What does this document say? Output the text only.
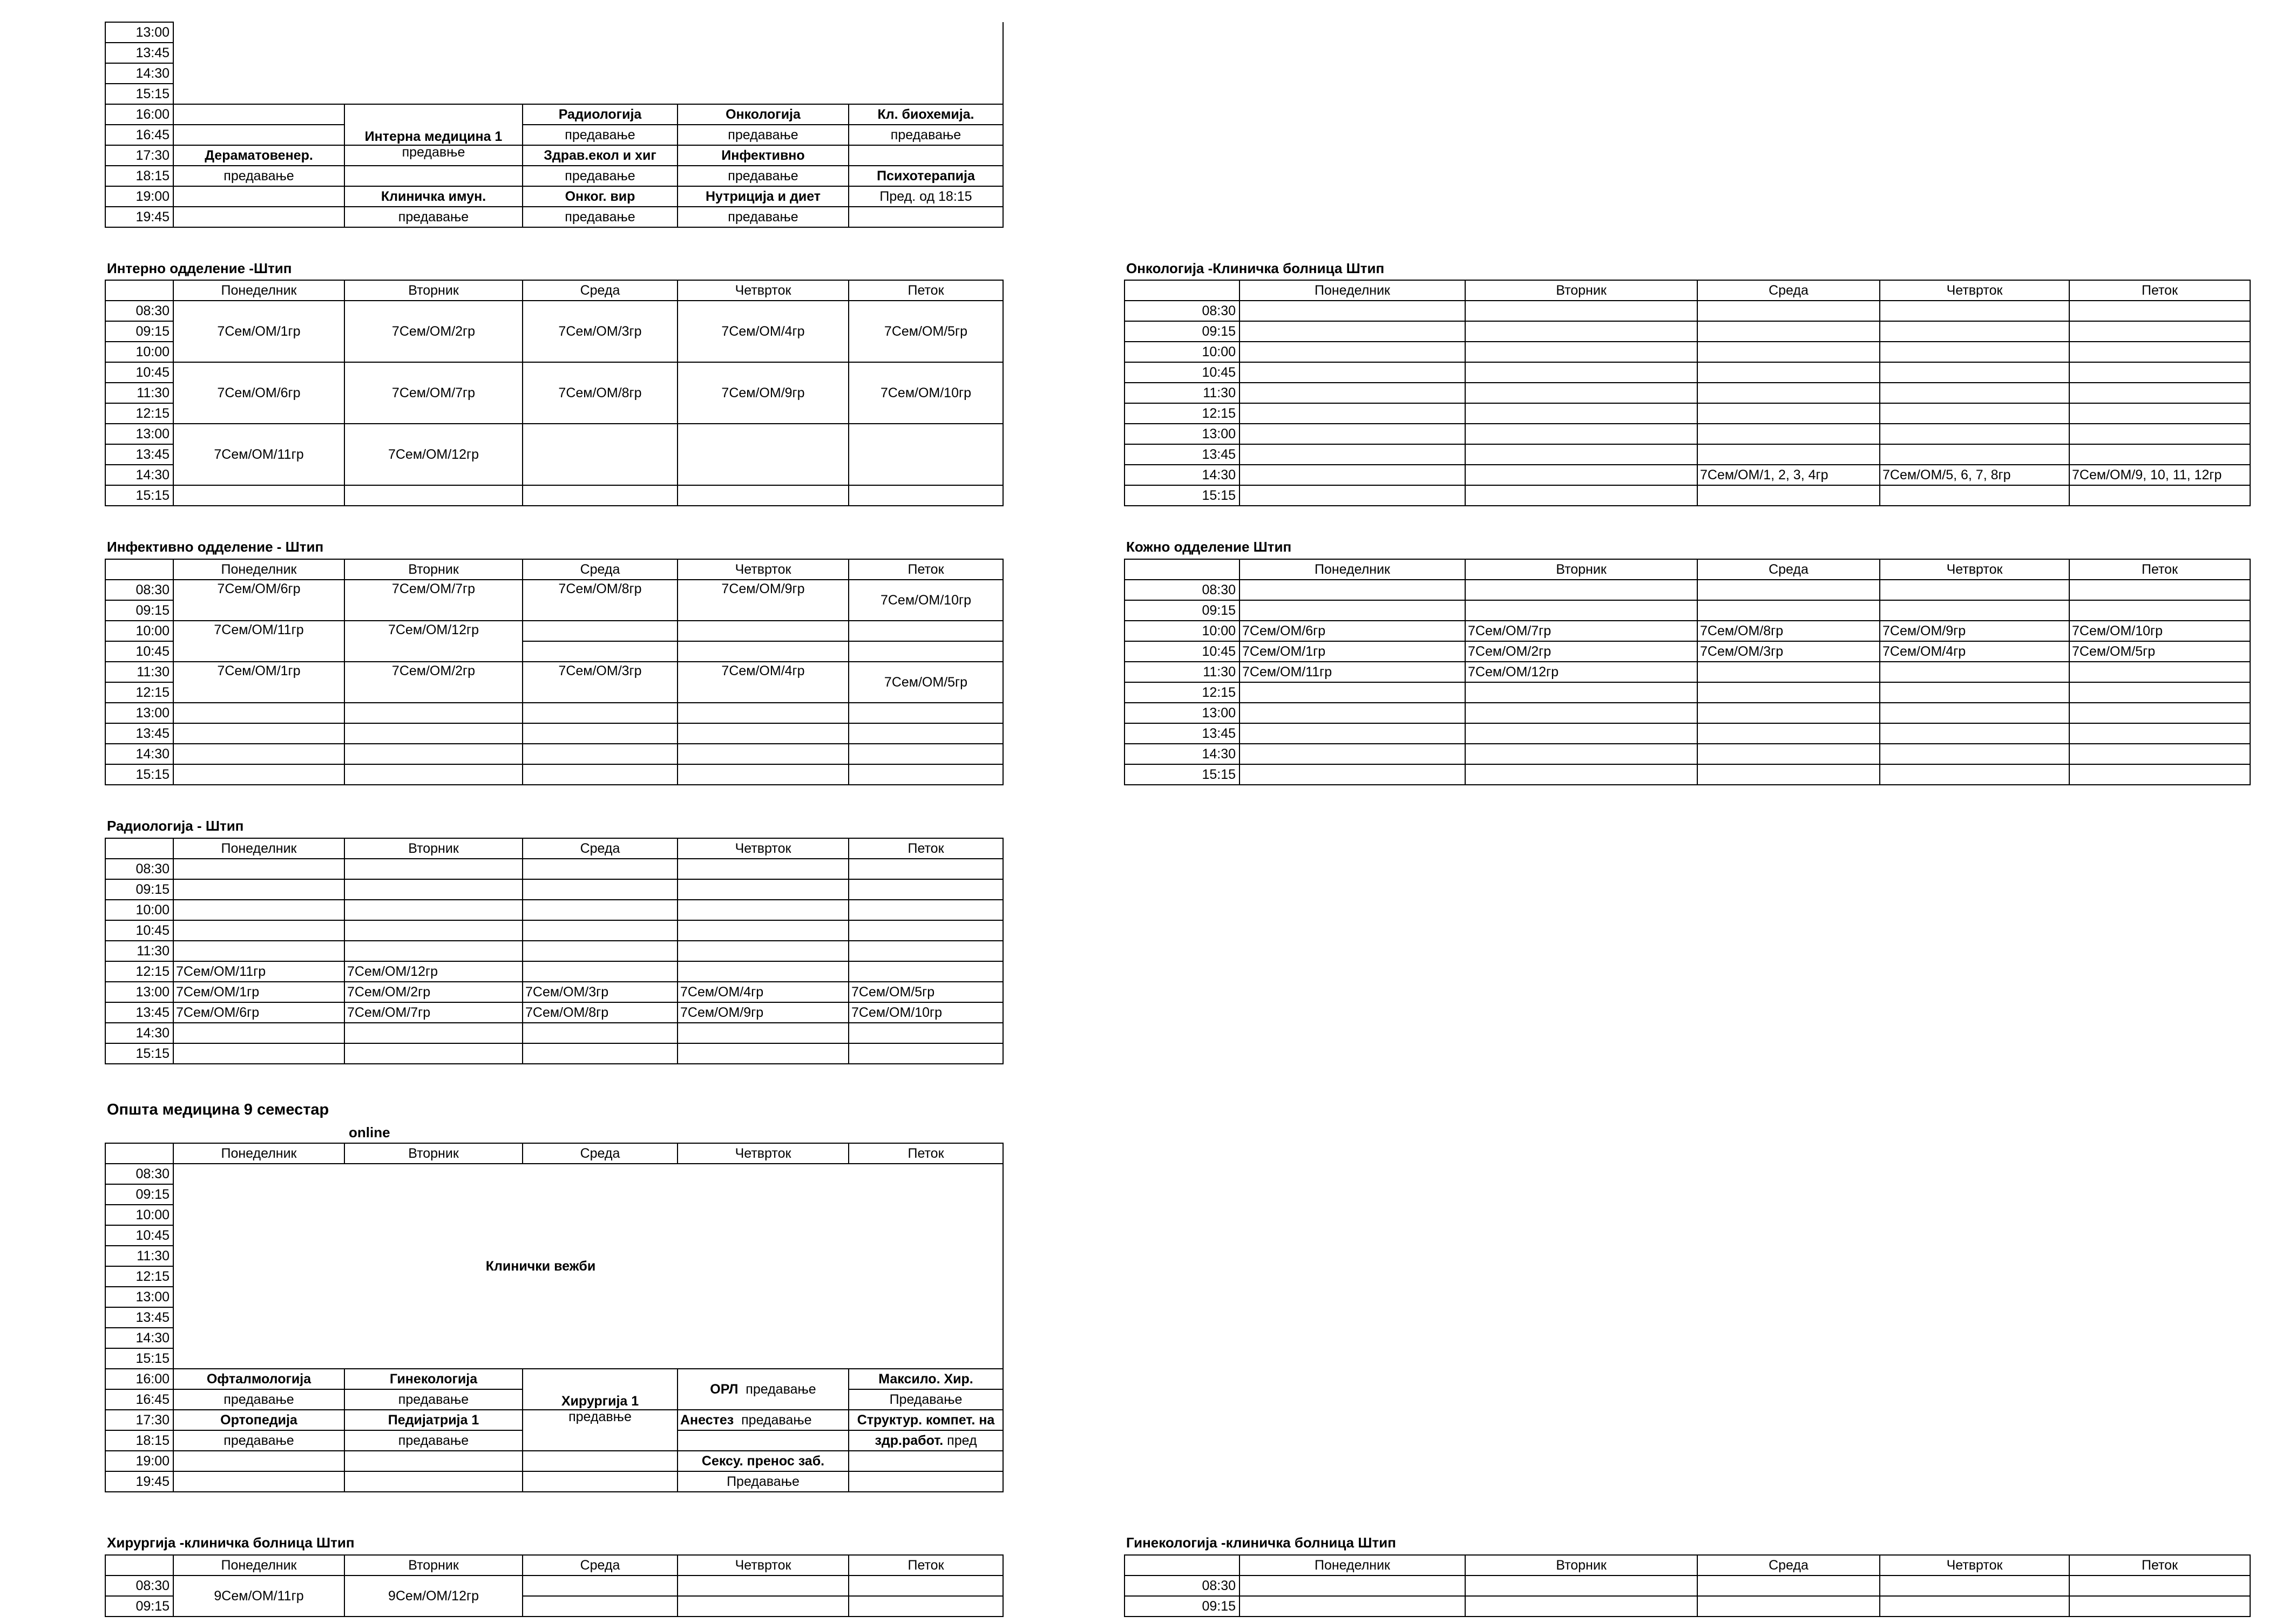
13:00					
13:45					
14:30					
15:15					
16:00		Интерна медицина 1	Радиологија	Онкологија	Кл. биохемија.
16:45			предавање	предавање	предавање
17:30	Дераматовенер.	предавње	Здрав.екол и хиг	Инфективно	
18:15	предавање		предавање	предавање	Психотерапија
19:00		Клиничка имун.	Онког. вир	Нутриција и диет	Пред. од 18:15
19:45		предавање	предавање	предавање	
Интерно одделение -Штип
	Понеделник	Вторник	Среда	Четврток	Петок
08:30	7Сем/ОМ/1гр	7Сем/ОМ/2гр	7Сем/ОМ/3гр	7Сем/ОМ/4гр	7Сем/ОМ/5гр
09:15					
10:00					
10:45	7Сем/ОМ/6гр	7Сем/ОМ/7гр	7Сем/ОМ/8гр	7Сем/ОМ/9гр	7Сем/ОМ/10гр
11:30					
12:15					
13:00	7Сем/ОМ/11гр	7Сем/ОМ/12гр			
13:45					
14:30					
15:15					
Инфективно одделение - Штип
	Понеделник	Вторник	Среда	Четврток	Петок
08:30	7Сем/ОМ/6гр	7Сем/ОМ/7гр	7Сем/ОМ/8гр	7Сем/ОМ/9гр	7Сем/ОМ/10гр
09:15					
10:00	7Сем/ОМ/11гр	7Сем/ОМ/12гр			
10:45					
11:30	7Сем/ОМ/1гр	7Сем/ОМ/2гр	7Сем/ОМ/3гр	7Сем/ОМ/4гр	7Сем/ОМ/5гр
12:15					
13:00					
13:45					
14:30					
15:15					
Радиологија - Штип
	Понеделник	Вторник	Среда	Четврток	Петок
08:30					
09:15					
10:00					
10:45					
11:30					
12:15	7Сем/ОМ/11гр	7Сем/ОМ/12гр			
13:00	7Сем/ОМ/1гр	7Сем/ОМ/2гр	7Сем/ОМ/3гр	7Сем/ОМ/4гр	7Сем/ОМ/5гр
13:45	7Сем/ОМ/6гр	7Сем/ОМ/7гр	7Сем/ОМ/8гр	7Сем/ОМ/9гр	7Сем/ОМ/10гр
14:30					
15:15					
Општа медицина 9 семестар
online
	Понеделник	Вторник	Среда	Четврток	Петок
08:30	Клинички вежби				
09:15					
10:00					
10:45					
11:30					
12:15					
13:00					
13:45					
14:30					
15:15					
16:00	Офталмологија	Гинекологија	Хирургија 1	ОРЛ предавање	Максило. Хир.
16:45	предавање	предавање			Предавање
17:30	Ортопедија	Педијатрија 1	предавње	Анестез предавање	Структур. компет. на
18:15	предавање	предавање			здр.работ. пред
19:00				Сексу. пренос заб.	
19:45				Предавање	
Хирургија -клиничка болница Штип
	Понеделник	Вторник	Среда	Четврток	Петок
08:30	9Сем/ОМ/11гр	9Сем/ОМ/12гр			
09:15					
Онкологија -Клиничка болница Штип
	Понеделник	Вторник	Среда	Четврток	Петок
08:30					
09:15					
10:00					
10:45					
11:30					
12:15					
13:00					
13:45					
14:30			7Сем/ОМ/1, 2, 3, 4гр	7Сем/ОМ/5, 6, 7, 8гр	7Сем/ОМ/9, 10, 11, 12гр
15:15					
Кожно одделение Штип
	Понеделник	Вторник	Среда	Четврток	Петок
08:30					
09:15					
10:00	7Сем/ОМ/6гр	7Сем/ОМ/7гр	7Сем/ОМ/8гр	7Сем/ОМ/9гр	7Сем/ОМ/10гр
10:45	7Сем/ОМ/1гр	7Сем/ОМ/2гр	7Сем/ОМ/3гр	7Сем/ОМ/4гр	7Сем/ОМ/5гр
11:30	7Сем/ОМ/11гр	7Сем/ОМ/12гр			
12:15					
13:00					
13:45					
14:30					
15:15					
Гинекологија -клиничка болница Штип
	Понеделник	Вторник	Среда	Четврток	Петок
08:30					
09:15					
